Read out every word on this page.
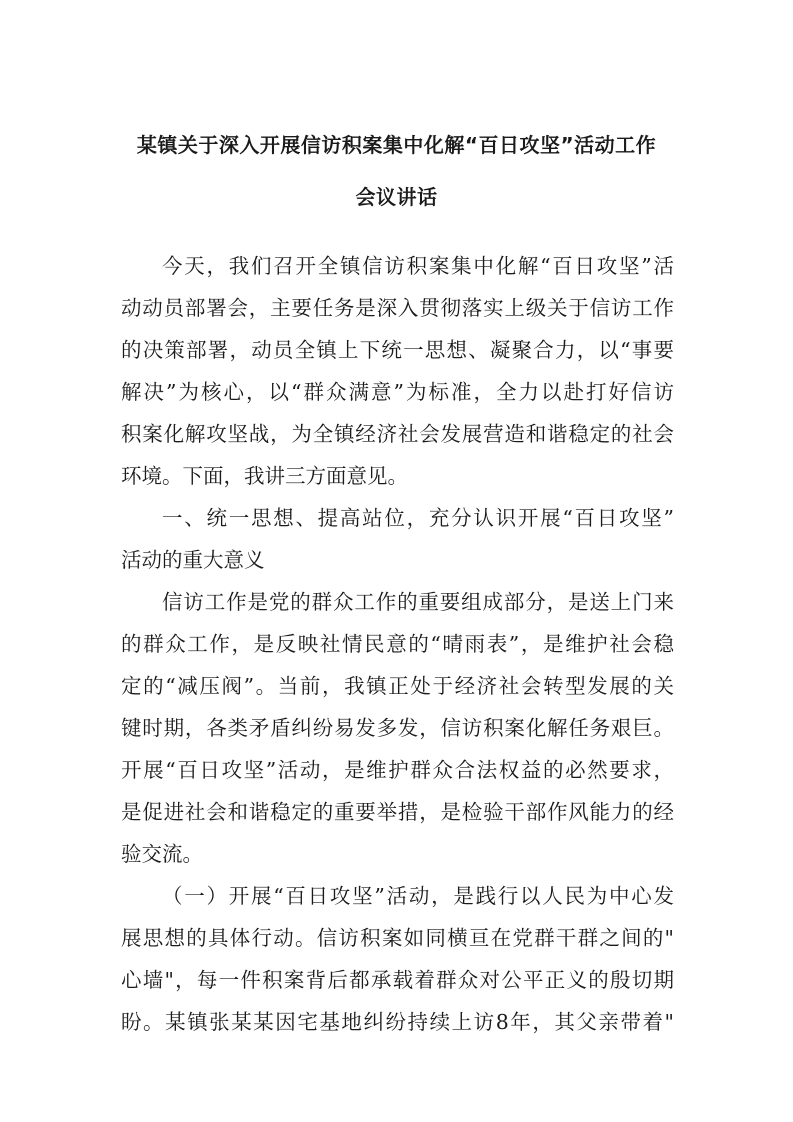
某镇关于深入开展信访积案集中化解“百日攻坚”活动工作
会议讲话
今天，我们召开全镇信访积案集中化解“百日攻坚”活
动动员部署会，主要任务是深入贯彻落实上级关于信访工作
的决策部署，动员全镇上下统一思想、凝聚合力，以“事要
解决”为核心，以“群众满意”为标准，全力以赴打好信访
积案化解攻坚战，为全镇经济社会发展营造和谐稳定的社会
环境。下面，我讲三方面意见。
一、统一思想、提高站位，充分认识开展“百日攻坚”
活动的重大意义
信访工作是党的群众工作的重要组成部分，是送上门来
的群众工作，是反映社情民意的“晴雨表”，是维护社会稳
定的“减压阀”。当前，我镇正处于经济社会转型发展的关
键时期，各类矛盾纠纷易发多发，信访积案化解任务艰巨。
开展“百日攻坚”活动，是维护群众合法权益的必然要求，
是促进社会和谐稳定的重要举措，是检验干部作风能力的经
验交流。
（一）开展“百日攻坚”活动，是践行以人民为中心发
展思想的具体行动。信访积案如同横亘在党群干群之间的"
心墙"，每一件积案背后都承载着群众对公平正义的殷切期
盼。某镇张某某因宅基地纠纷持续上访8年，其父亲带着"
